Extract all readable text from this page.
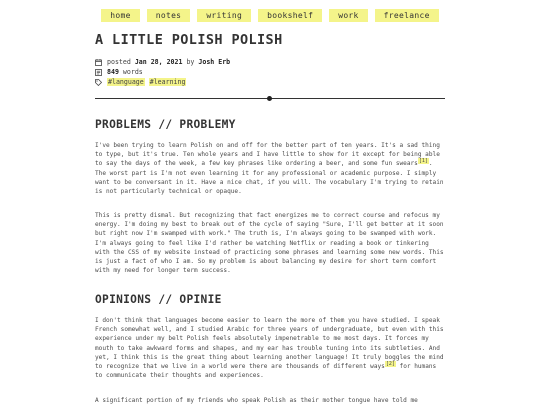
home	notes	writing	bookshelf	work	freelance
A LITTLE POLISH POLISH
posted
Jan 28, 2021
by
Josh Erb
849
words
#language
#learning
PROBLEMS // PROBLEMY

I've been trying to learn Polish on and off for the better part of ten years. It's a sad thing to type, but it's true. Ten whole years and I have little to show for it except for being able to say the days of the week, a few key phrases like ordering a beer, and some fun swears[1]. The worst part is I'm not even learning it for any professional or academic purpose. I simply want to be conversant in it. Have a nice chat, if you will. The vocabulary I'm trying to retain is not particularly technical or opaque.

This is pretty dismal. But recognizing that fact energizes me to correct course and refocus my energy. I'm doing my best to break out of the cycle of saying "Sure, I'll get better at it soon but right now I'm swamped with work." The truth is, I'm always going to be swamped with work. I'm always going to feel like I'd rather be watching Netflix or reading a book or tinkering with the CSS of my website instead of practicing some phrases and learning some new words. This is just a fact of who I am. So my problem is about balancing my desire for short term comfort with my need for longer term success.

OPINIONS // OPINIE

I don't think that languages become easier to learn the more of them you have studied. I speak French somewhat well, and I studied Arabic for three years of undergraduate, but even with this experience under my belt Polish feels absolutely impenetrable to me most days. It forces my mouth to take awkward forms and shapes, and my ear has trouble tuning into its subtleties. And yet, I think this is the great thing about learning another language! It truly boggles the mind to recognize that we live in a world were there are thousands of different ways[2] for humans to communicate their thoughts and experiences.

A significant portion of my friends who speak Polish as their mother tongue have told me
